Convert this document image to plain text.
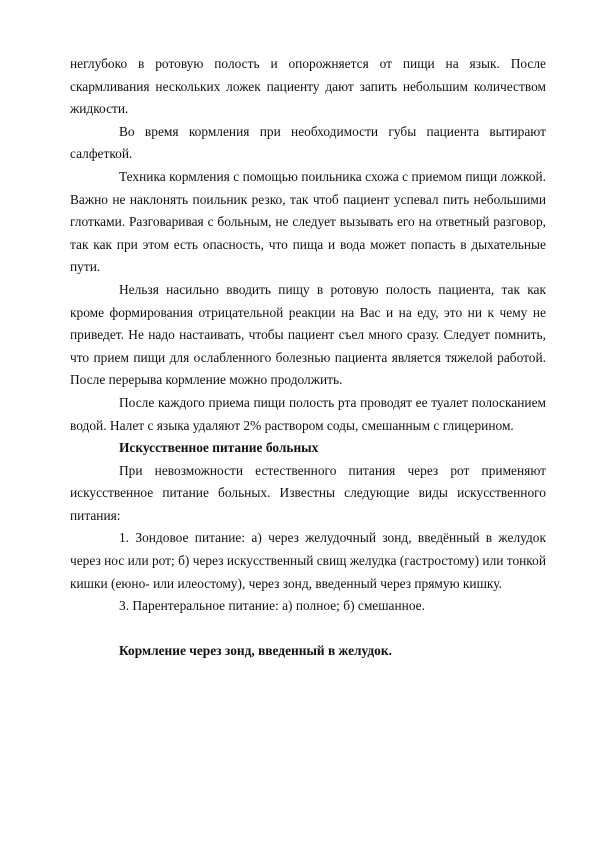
неглубоко в ротовую полость и опорожняется от пищи на язык. После скармливания нескольких ложек пациенту дают запить небольшим количеством жидкости.

Во время кормления при необходимости губы пациента вытирают салфеткой.

Техника кормления с помощью поильника схожа с приемом пищи ложкой. Важно не наклонять поильник резко, так чтоб пациент успевал пить небольшими глотками. Разговаривая с больным, не следует вызывать его на ответный разговор, так как при этом есть опасность, что пища и вода может попасть в дыхательные пути.

Нельзя насильно вводить пищу в ротовую полость пациента, так как кроме формирования отрицательной реакции на Вас и на еду, это ни к чему не приведет. Не надо настаивать, чтобы пациент съел много сразу. Следует помнить, что прием пищи для ослабленного болезнью пациента является тяжелой работой. После перерыва кормление можно продолжить.

После каждого приема пищи полость рта проводят ее туалет полосканием водой. Налет с языка удаляют 2% раствором соды, смешанным с глицерином.

Искусственное питание больных

При невозможности естественного питания через рот применяют искусственное питание больных. Известны следующие виды искусственного питания:

1. Зондовое питание: а) через желудочный зонд, введённый в желудок через нос или рот; б) через искусственный свищ желудка (гастростому) или тонкой кишки (еюно- или илеостому), через зонд, введенный через прямую кишку.

3. Парентеральное питание: а) полное; б) смешанное.

Кормление через зонд, введенный в желудок.
